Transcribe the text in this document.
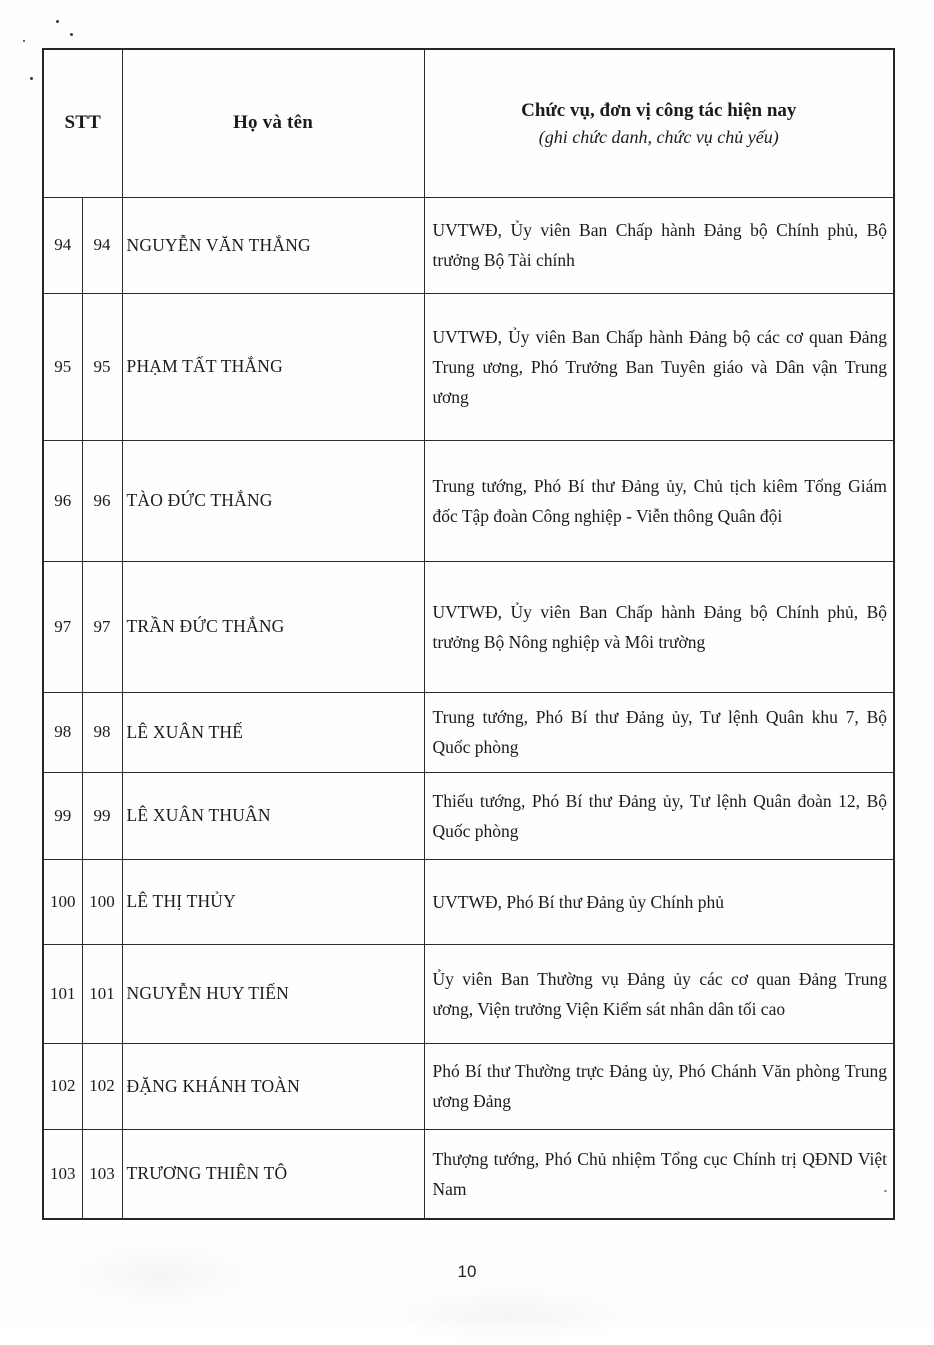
STT		Họ và tên	Chức vụ, đơn vị công tác hiện nay
(ghi chức danh, chức vụ chủ yếu)

94	94	NGUYỄN VĂN THẮNG	UVTWĐ, Ủy viên Ban Chấp hành Đảng bộ Chính phủ, Bộ trưởng Bộ Tài chính
95	95	PHẠM TẤT THẮNG	UVTWĐ, Ủy viên Ban Chấp hành Đảng bộ các cơ quan Đảng Trung ương, Phó Trưởng Ban Tuyên giáo và Dân vận Trung ương
96	96	TÀO ĐỨC THẮNG	Trung tướng, Phó Bí thư Đảng ủy, Chủ tịch kiêm Tổng Giám đốc Tập đoàn Công nghiệp - Viễn thông Quân đội
97	97	TRẦN ĐỨC THẮNG	UVTWĐ, Ủy viên Ban Chấp hành Đảng bộ Chính phủ, Bộ trưởng Bộ Nông nghiệp và Môi trường
98	98	LÊ XUÂN THẾ	Trung tướng, Phó Bí thư Đảng ủy, Tư lệnh Quân khu 7, Bộ Quốc phòng
99	99	LÊ XUÂN THUÂN	Thiếu tướng, Phó Bí thư Đảng ủy, Tư lệnh Quân đoàn 12, Bộ Quốc phòng
100	100	LÊ THỊ THỦY	UVTWĐ, Phó Bí thư Đảng ủy Chính phủ
101	101	NGUYỄN HUY TIẾN	Ủy viên Ban Thường vụ Đảng ủy các cơ quan Đảng Trung ương, Viện trưởng Viện Kiểm sát nhân dân tối cao
102	102	ĐẶNG KHÁNH TOÀN	Phó Bí thư Thường trực Đảng ủy, Phó Chánh Văn phòng Trung ương Đảng
103	103	TRƯƠNG THIÊN TÔ	Thượng tướng, Phó Chủ nhiệm Tổng cục Chính trị QĐND Việt Nam
10
